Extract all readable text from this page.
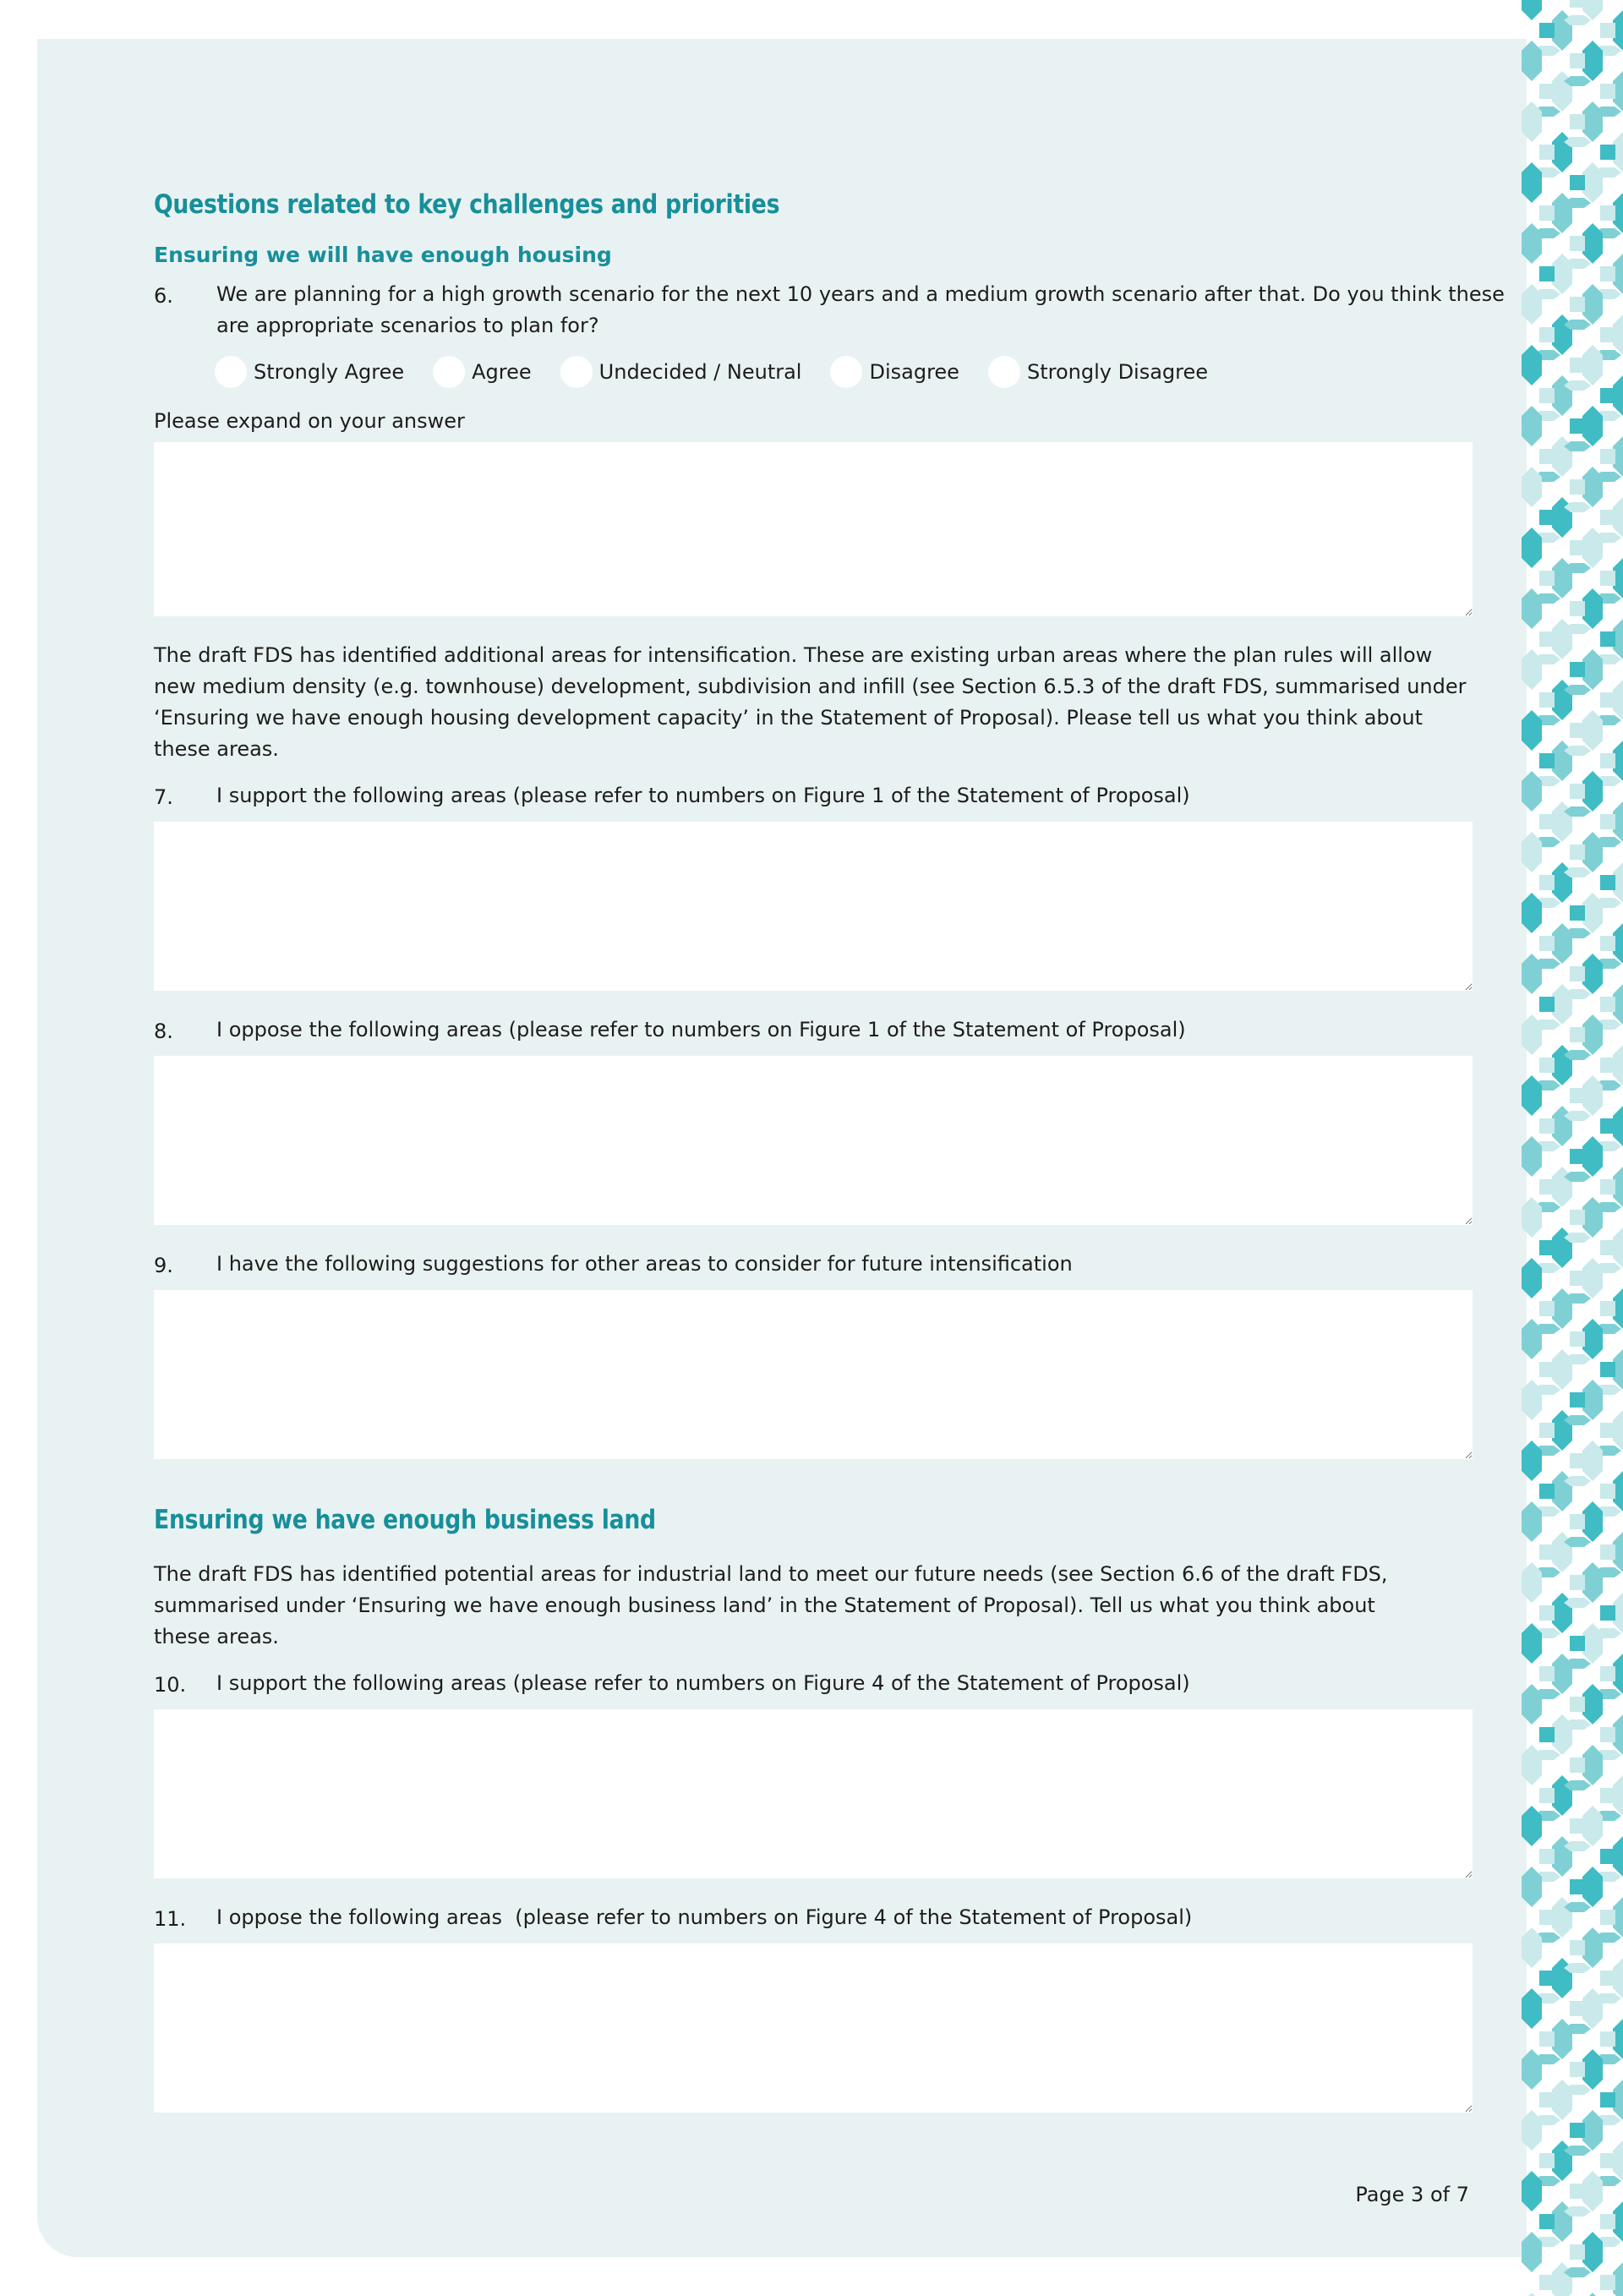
Questions related to key challenges and priorities
Ensuring we will have enough housing
6. We are planning for a high growth scenario for the next 10 years and a medium growth scenario after that. Do you think these
are appropriate scenarios to plan for?
Strongly Agree	Agree	Undecided / Neutral	Disagree	Strongly Disagree
Please expand on your answer
The draft FDS has identified additional areas for intensification. These are existing urban areas where the plan rules will allow
new medium density (e.g. townhouse) development, subdivision and infill (see Section 6.5.3 of the draft FDS, summarised under
‘Ensuring we have enough housing development capacity’ in the Statement of Proposal). Please tell us what you think about
these areas.
7. I support the following areas (please refer to numbers on Figure 1 of the Statement of Proposal)
8. I oppose the following areas (please refer to numbers on Figure 1 of the Statement of Proposal)
9. I have the following suggestions for other areas to consider for future intensification
Ensuring we have enough business land
The draft FDS has identified potential areas for industrial land to meet our future needs (see Section 6.6 of the draft FDS,
summarised under ‘Ensuring we have enough business land’ in the Statement of Proposal). Tell us what you think about
these areas.
10. I support the following areas (please refer to numbers on Figure 4 of the Statement of Proposal)
11. I oppose the following areas  (please refer to numbers on Figure 4 of the Statement of Proposal)
Page 3 of 7
